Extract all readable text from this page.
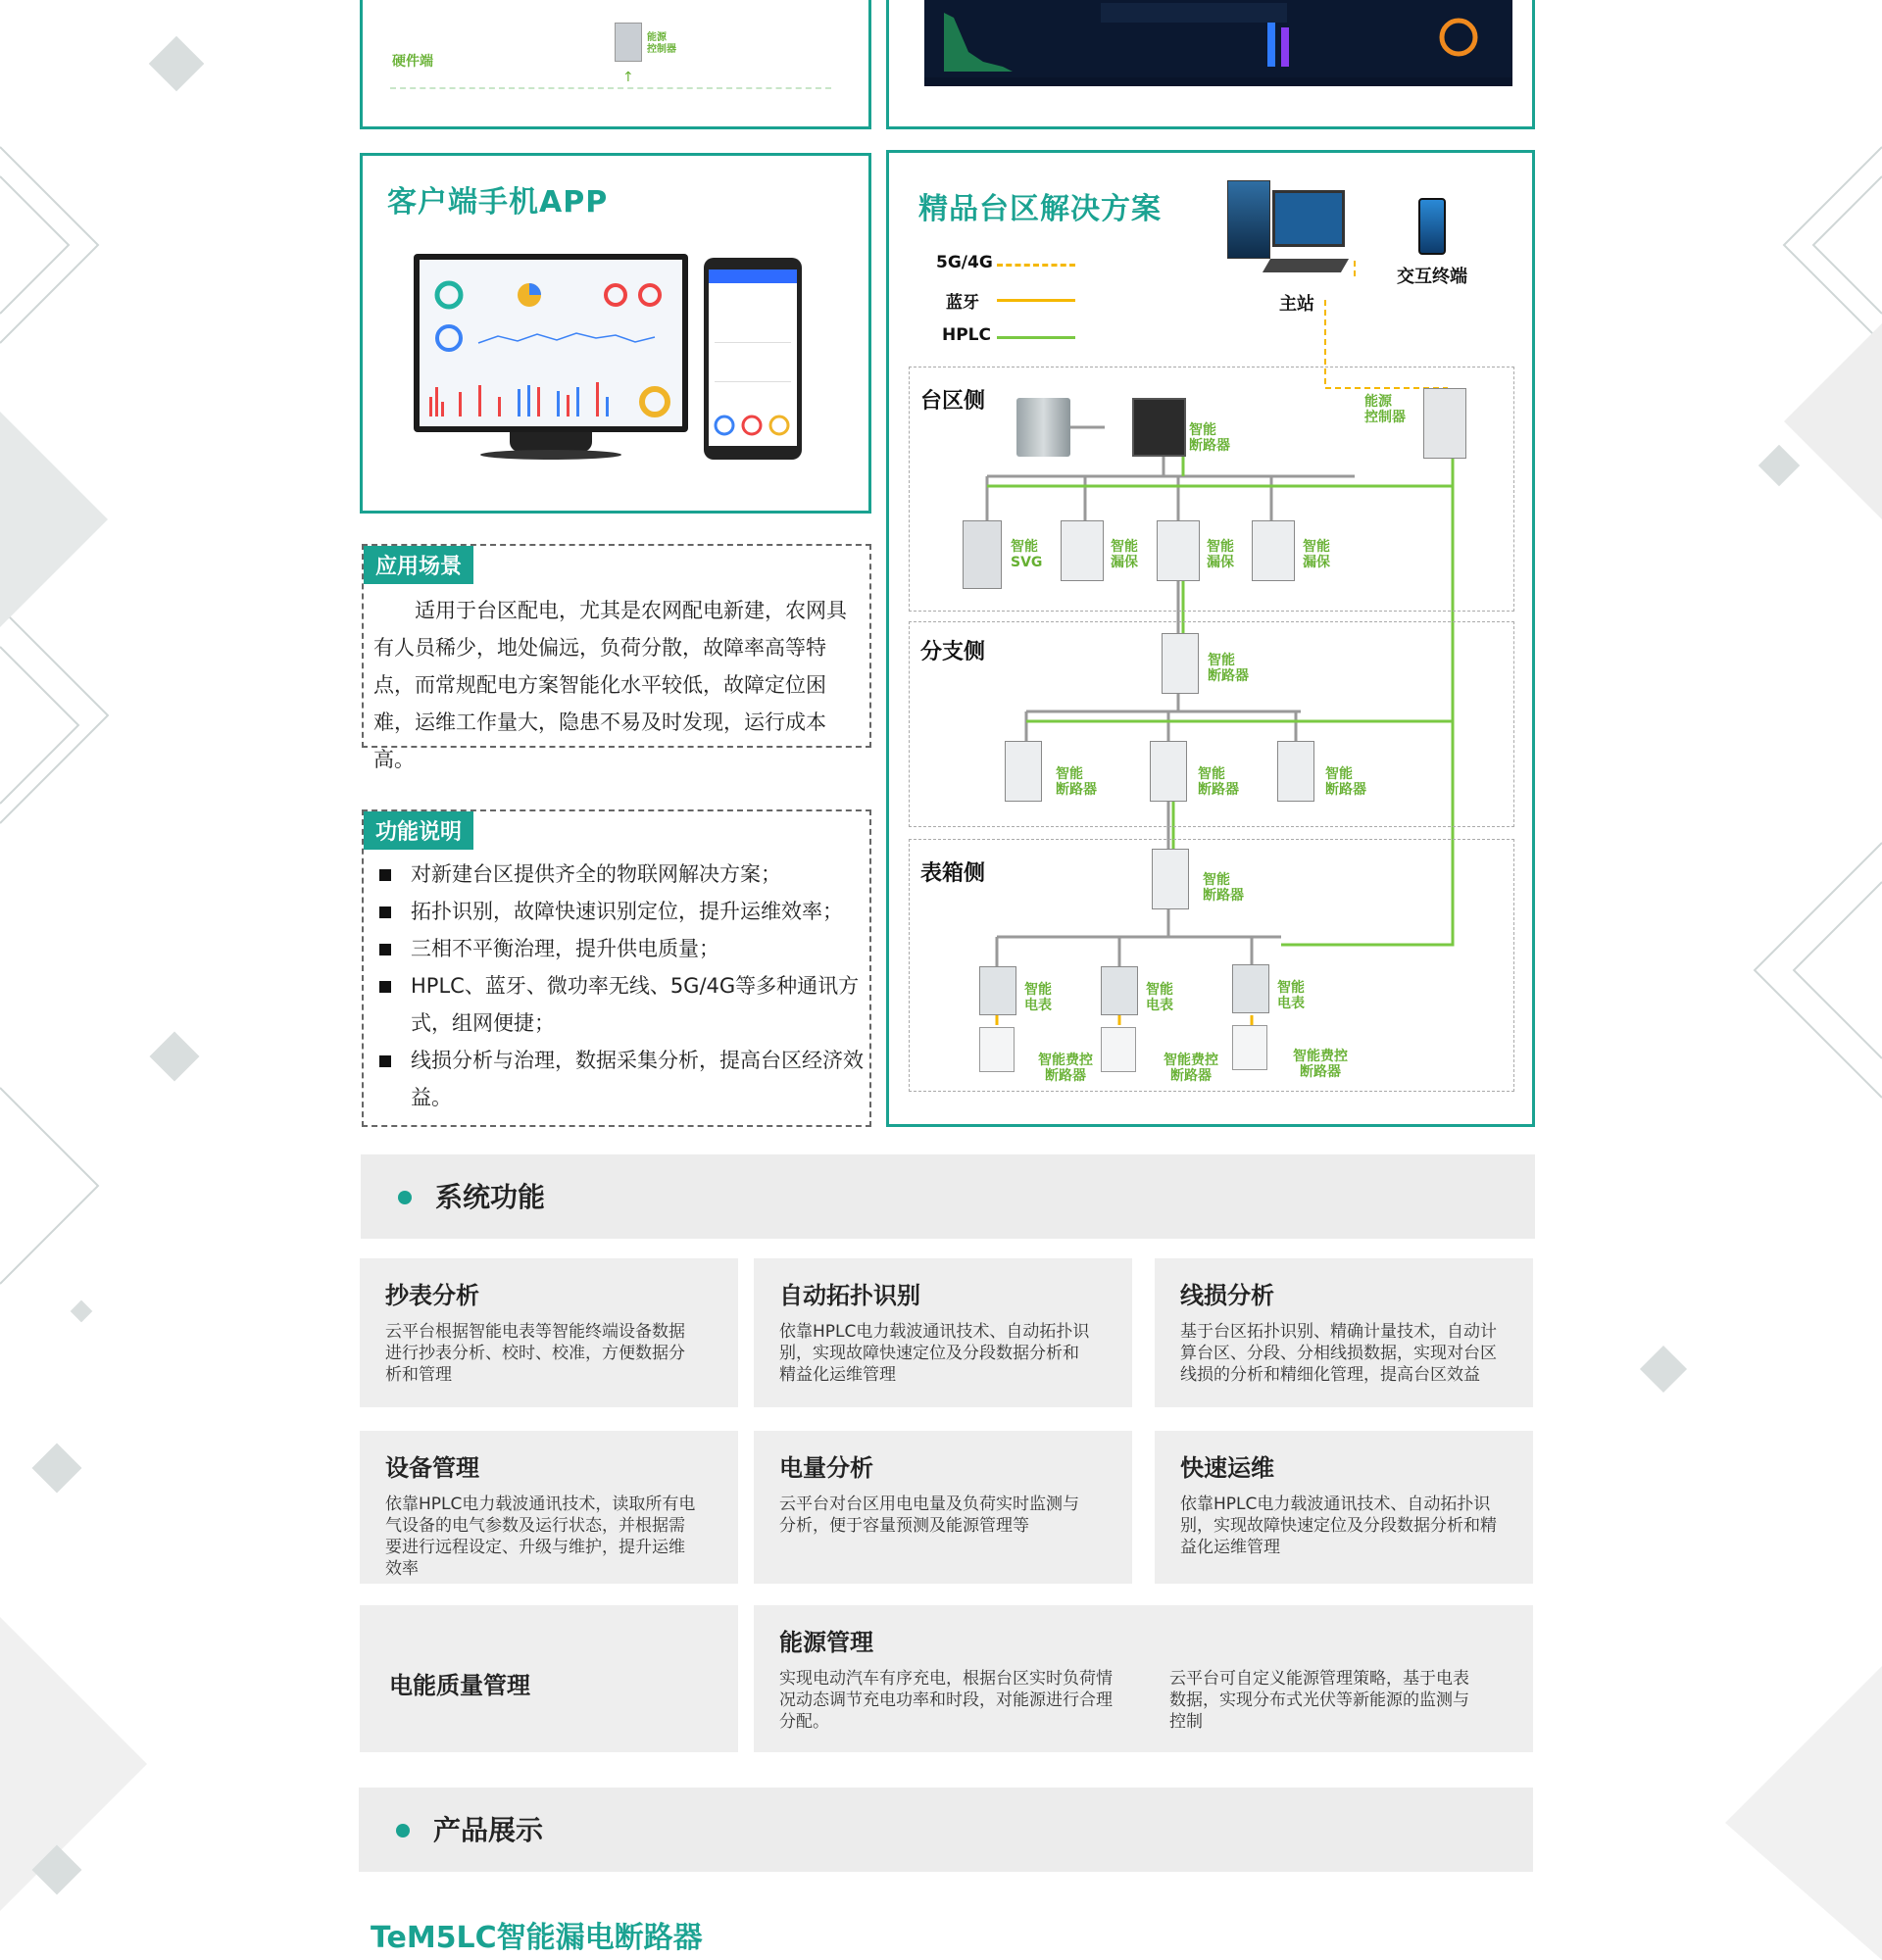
硬件端
能源
控制器
↑
客户端手机APP	精品台区解决方案
5G/4G
蓝牙
HPLC
主站
交互终端
台区侧
分支侧
表箱侧
智能
断路器
能源
控制器
智能
SVG
智能
漏保
智能
漏保
智能
漏保
智能
断路器
智能
断路器
智能
断路器
智能
断路器
智能
断路器
智能
电表
智能
电表
智能
电表
智能费控
断路器
智能费控
断路器
智能费控
断路器
应用场景
适用于台区配电，尤其是农网配电新建，农网具有人员稀少，地处偏远，负荷分散，故障率高等特点，而常规配电方案智能化水平较低，故障定位困难，运维工作量大，隐患不易及时发现，运行成本高。
功能说明
对新建台区提供齐全的物联网解决方案；
拓扑识别，故障快速识别定位，提升运维效率；
三相不平衡治理，提升供电质量；
HPLC、蓝牙、微功率无线、5G/4G等多种通讯方式，组网便捷；
线损分析与治理，数据采集分析，提高台区经济效益。
系统功能
抄表分析
云平台根据智能电表等智能终端设备数据进行抄表分析、校时、校准，方便数据分析和管理
自动拓扑识别
依靠HPLC电力载波通讯技术、自动拓扑识别，实现故障快速定位及分段数据分析和精益化运维管理
线损分析
基于台区拓扑识别、精确计量技术，自动计算台区、分段、分相线损数据，实现对台区线损的分析和精细化管理，提高台区效益
设备管理
依靠HPLC电力载波通讯技术，读取所有电气设备的电气参数及运行状态，并根据需要进行远程设定、升级与维护，提升运维效率
电量分析
云平台对台区用电电量及负荷实时监测与分析，便于容量预测及能源管理等
快速运维
依靠HPLC电力载波通讯技术、自动拓扑识别，实现故障快速定位及分段数据分析和精益化运维管理
电能质量管理
能源管理
实现电动汽车有序充电，根据台区实时负荷情况动态调节充电功率和时段，对能源进行合理分配。
云平台可自定义能源管理策略，基于电表数据，实现分布式光伏等新能源的监测与控制
产品展示
TeM5LC智能漏电断路器
